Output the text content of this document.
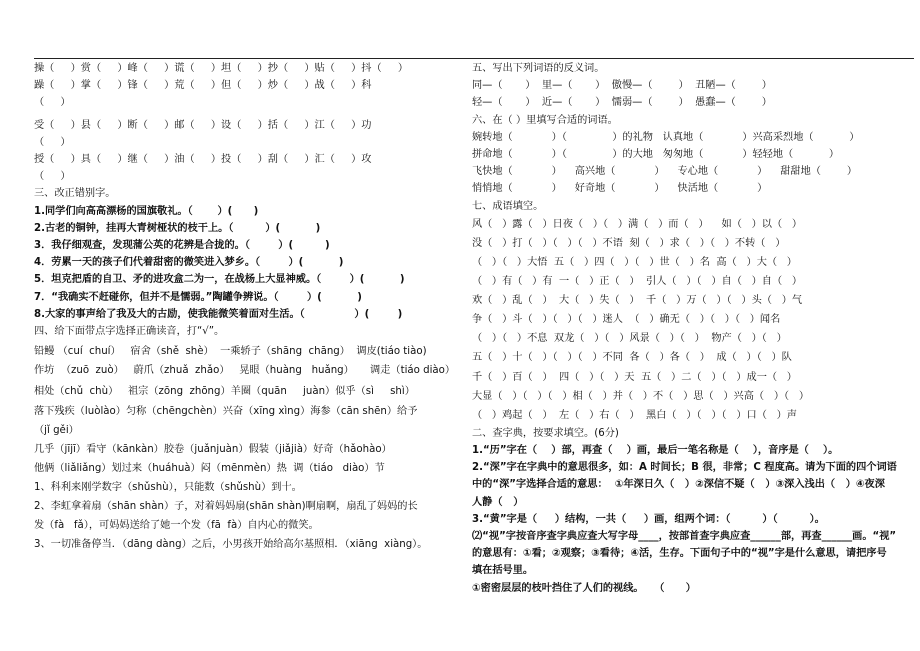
操（     ）赏（     ）峰（     ）谎（     ）坦（     ）抄（     ）贴（     ）抖（     ）
躁（     ）掌（     ）锋（     ）荒（     ）但（     ）炒（     ）战（     ）科
（     ）
受（     ）县（     ）断（     ）邮（     ）设（     ）括（     ）江（     ）功
（     ）
授（     ）具（     ）继（     ）油（     ）投（     ）刮（     ）汇（     ）攻
（     ）
三、改正错别字。
1.同学们向高高漂杨的国旗敬礼。（       ）(      )
2.古老的铜钟，挂再大青树桠状的枝干上。（         ）(          )
3．我仔细观查，发现蒲公英的花辨是合拢的。（        ）(         )
4．劳累一天的孩子们代着甜密的微笑进入梦乡。（        ）(          )
5．坦克把盾的自卫、矛的进攻盒二为一，在战杨上大显神威。（        ）(          )
7．“我确实不赶碰你，但并不是懦弱。”陶罐争辨说。（        ）(          )
8.大家的事声给了我及大的古励，使我能微笑着面对生活。（              ）(        )
四、给下面带点字选择正确读音，打“√”。
铅鳗 （cuí  chuí）   宿舍（shě  shè）  一乘轿子（shāng  chāng）  调皮(tiáo tiào)
作坊  （zuō  zuò）   蔚爪（zhuǎ  zhǎo）   晃眼（huàng   huǎng）     调走（tiáo diào）
相处（chǔ  chù）   祖宗（zōng  zhōng）羊圈（quān     juàn）似乎（sì     shì）
落下残疾（luòlào）匀称（chēngchèn）兴奋（xīng xìng）海参（cān shēn）给予
（jǐ gěi）
几乎（jījī）看守（kānkàn）胶卷（juǎnjuàn）假装（jiǎjià）好奇（hǎohào）
他俩（liǎliǎng）划过来（huáhuà）闷（mēnmèn）热  调（tiáo   diào）节
1、科利来刚学数字（shǔshù），只能数（shǔshù）到十。
2、李虹拿着扇（shān shàn）子，对着妈妈扇(shān shàn)啊扇啊，扇乱了妈妈的长
发（fà   fǎ），可妈妈送给了她一个发（fā  fà）自内心的微笑。
3、一切准备停当．（dāng dàng）之后，小男孩开始给高尔基照相．（xiāng  xiàng）。
五、写出下列词语的反义词。
同—（       ）  里—（       ）  傲慢—（        ）  丑陋—（        ）
轻—（       ）  近—（       ）  懦弱—（        ）  愚蠢—（        ）
六、在（ ）里填写合适的词语。
婉转地（            ）（              ）的礼物   认真地（            ）兴高采烈地（           ）
拼命地（            ）（              ）的大地   匆匆地（            ）轻轻地（           ）
飞快地（            ）    高兴地（            ）    专心地（            ）    甜甜地（        ）
悄悄地（            ）    好奇地（            ）    快活地（            ）
七、成语填空。
风（   ）露（   ）日夜（   ）（   ）满（   ）而（   ）    如（   ）以（   ）
没（   ）打（   ）（   ）（   ）不语  刻（   ）求（   ）（   ）不转（   ）
（   ）（   ）大悟  五（   ）四（   ）（   ）世（   ）名  高（   ）大（   ）
（   ）有（   ）有  一（   ）正（   ）  引人（   ）（   ）自（   ）自（   ）
欢（   ）乱（   ）  大（   ）失（   ）  千（   ）万（   ）（   ）头（   ）气
争（   ）斗（   ）（   ）（   ）迷人  （   ）确无（   ）（   ）（   ）闻名
（   ）（   ）不息  双龙（   ）（   ）风景（   ）（   ）  物产（   ）（   ）
五（   ）十（   ）（   ）（   ）不同  各（   ）各（   ）  成（   ）（   ）队
千（   ）百（   ）  四（   ）（   ）天  五（   ）二（   ）（   ）成一（   ）
大显（   ）（   ）（   ）相（   ）并（   ）不（   ）思（   ）兴高（   ）（   ）
（   ）鸡起（   ）  左（   ）右（   ）  黑白（   ）（   ）（   ）口（   ）声
二、查字典，按要求填空。(6分)
1.“历”字在（    ）部，再查（    ）画，最后一笔名称是（    ），音序是（    ）。
2.“深”字在字典中的意思很多，如：A 时间长；B 很，非常；C 程度高。请为下面的四个词语
中的“深”字选择合适的意思：  ①年深日久（   ）②深信不疑（   ）③深入浅出（   ）④夜深
人静（   ）
3.“黄”字是（     ）结构，一共（     ）画，组两个词：（         ）（         ）。
⑵“视”字按音序查字典应查大写字母____，按部首查字典应查______部，再查______画。“视”
的意思有：①看；②观察；③看待；④活，生存。下面句子中的“视”字是什么意思，请把序号
填在括号里。
①密密层层的枝叶挡住了人们的视线。   （      ）
